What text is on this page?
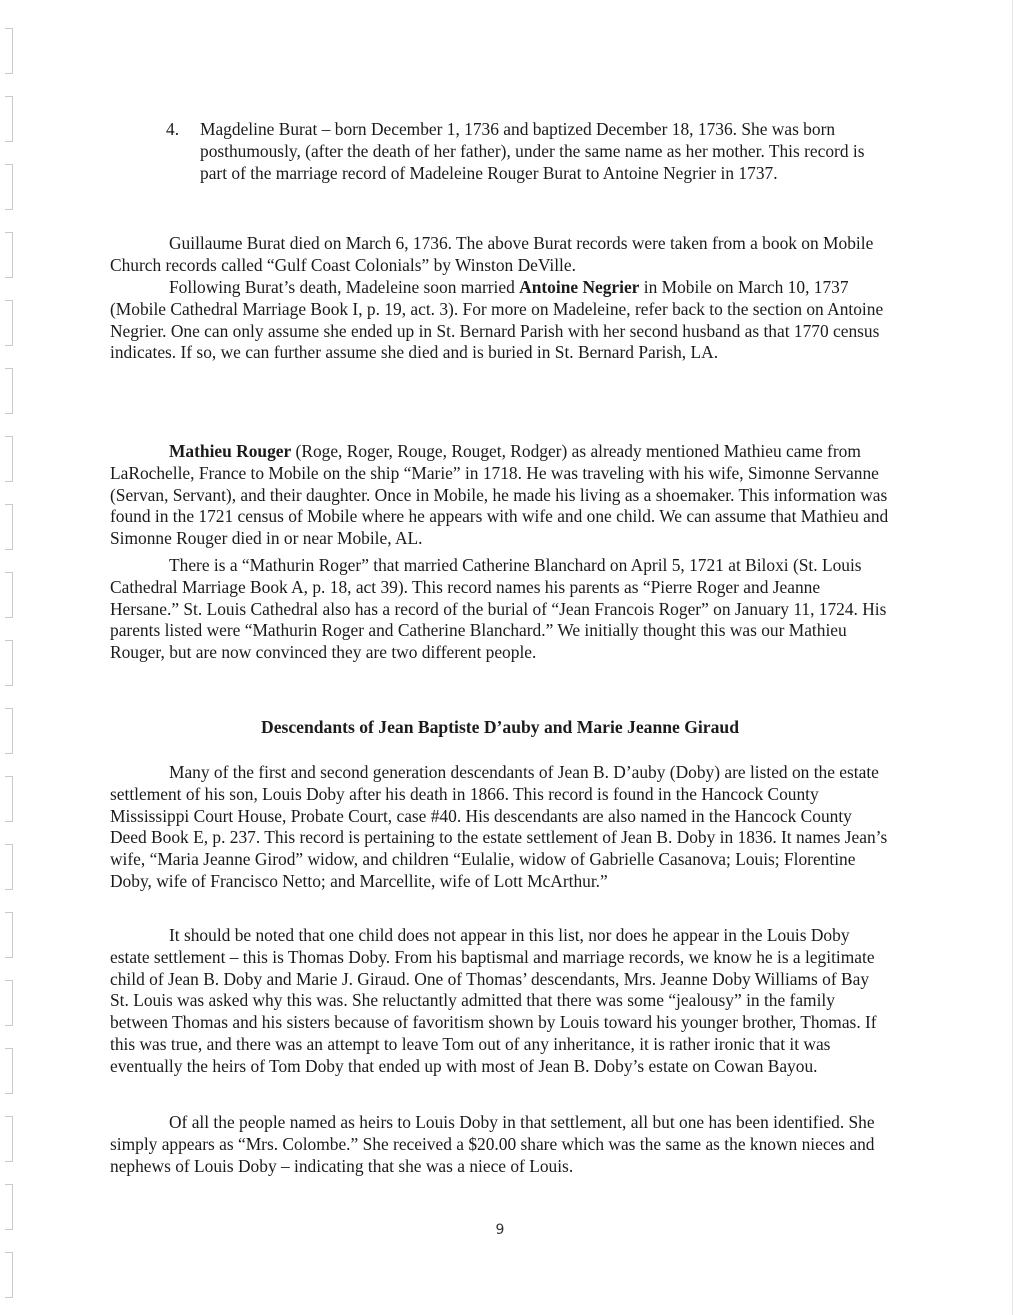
4. Magdeline Burat – born December 1, 1736 and baptized December 18, 1736. She was born posthumously, (after the death of her father), under the same name as her mother. This record is part of the marriage record of Madeleine Rouger Burat to Antoine Negrier in 1737.

Guillaume Burat died on March 6, 1736. The above Burat records were taken from a book on Mobile Church records called “Gulf Coast Colonials” by Winston DeVille.

Following Burat’s death, Madeleine soon married Antoine Negrier in Mobile on March 10, 1737 (Mobile Cathedral Marriage Book I, p. 19, act. 3). For more on Madeleine, refer back to the section on Antoine Negrier. One can only assume she ended up in St. Bernard Parish with her second husband as that 1770 census indicates. If so, we can further assume she died and is buried in St. Bernard Parish, LA.

Mathieu Rouger (Roge, Roger, Rouge, Rouget, Rodger) as already mentioned Mathieu came from LaRochelle, France to Mobile on the ship “Marie” in 1718. He was traveling with his wife, Simonne Servanne (Servan, Servant), and their daughter. Once in Mobile, he made his living as a shoemaker. This information was found in the 1721 census of Mobile where he appears with wife and one child. We can assume that Mathieu and Simonne Rouger died in or near Mobile, AL.

There is a “Mathurin Roger” that married Catherine Blanchard on April 5, 1721 at Biloxi (St. Louis Cathedral Marriage Book A, p. 18, act 39). This record names his parents as “Pierre Roger and Jeanne Hersane.” St. Louis Cathedral also has a record of the burial of “Jean Francois Roger” on January 11, 1724. His parents listed were “Mathurin Roger and Catherine Blanchard.” We initially thought this was our Mathieu Rouger, but are now convinced they are two different people.

Descendants of Jean Baptiste D’auby and Marie Jeanne Giraud

Many of the first and second generation descendants of Jean B. D’auby (Doby) are listed on the estate settlement of his son, Louis Doby after his death in 1866. This record is found in the Hancock County Mississippi Court House, Probate Court, case #40. His descendants are also named in the Hancock County Deed Book E, p. 237. This record is pertaining to the estate settlement of Jean B. Doby in 1836. It names Jean’s wife, “Maria Jeanne Girod” widow, and children “Eulalie, widow of Gabrielle Casanova; Louis; Florentine Doby, wife of Francisco Netto; and Marcellite, wife of Lott McArthur.”

It should be noted that one child does not appear in this list, nor does he appear in the Louis Doby estate settlement – this is Thomas Doby. From his baptismal and marriage records, we know he is a legitimate child of Jean B. Doby and Marie J. Giraud. One of Thomas’ descendants, Mrs. Jeanne Doby Williams of Bay St. Louis was asked why this was. She reluctantly admitted that there was some “jealousy” in the family between Thomas and his sisters because of favoritism shown by Louis toward his younger brother, Thomas. If this was true, and there was an attempt to leave Tom out of any inheritance, it is rather ironic that it was eventually the heirs of Tom Doby that ended up with most of Jean B. Doby’s estate on Cowan Bayou.

Of all the people named as heirs to Louis Doby in that settlement, all but one has been identified. She simply appears as “Mrs. Colombe.” She received a $20.00 share which was the same as the known nieces and nephews of Louis Doby – indicating that she was a niece of Louis.

9
